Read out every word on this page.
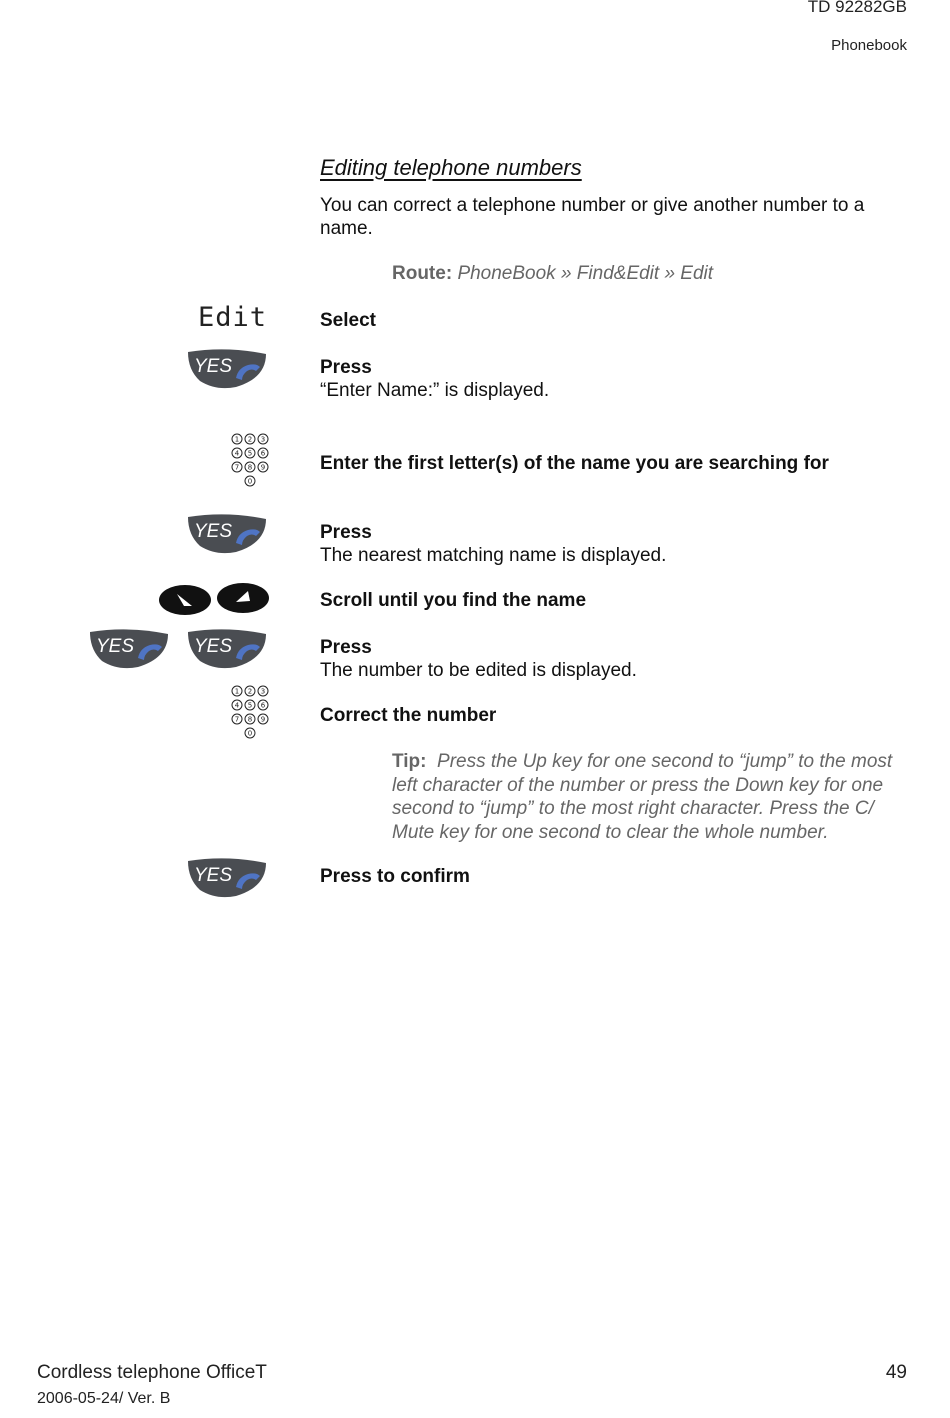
TD 92282GB
Phonebook
Editing telephone numbers
You can correct a telephone number or give another number to a name.
Route: PhoneBook » Find&Edit » Edit
Edit	Select
YES	Press
“Enter Name:” is displayed.
1 2 3
4 5 6
7 8 9
0
Enter the first letter(s) of the name you are searching for
YES	Press
The nearest matching name is displayed.
Scroll until you find the name
YES	YES	Press
The number to be edited is displayed.
1 2 3
4 5 6
7 8 9
0
Correct the number
Tip: Press the Up key for one second to “jump” to the most left character of the number or press the Down key for one second to “jump” to the most right character. Press the C/ Mute key for one second to clear the whole number.
YES	Press to confirm
Cordless telephone OfficeT	49
2006-05-24/ Ver. B
